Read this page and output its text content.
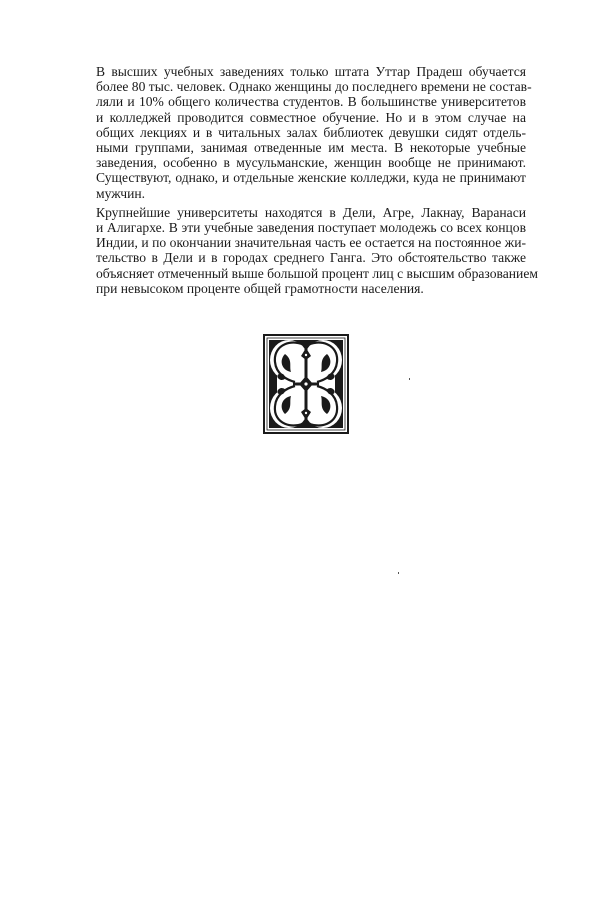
В высших учебных заведениях только штата Уттар Прадеш обучается
более 80 тыс. человек. Однако женщины до последнего времени не состав-
ляли и 10% общего количества студентов. В большинстве университетов
и колледжей проводится совместное обучение. Но и в этом случае на
общих лекциях и в читальных залах библиотек девушки сидят отдель-
ными группами, занимая отведенные им места. В некоторые учебные
заведения, особенно в мусульманские, женщин вообще не принимают.
Существуют, однако, и отдельные женские колледжи, куда не принимают
мужчин.

Крупнейшие университеты находятся в Дели, Агре, Лакнау, Варанаси
и Алигархе. В эти учебные заведения поступает молодежь со всех концов
Индии, и по окончании значительная часть ее остается на постоянное жи-
тельство в Дели и в городах среднего Ганга. Это обстоятельство также
объясняет отмеченный выше большой процент лиц с высшим образованием
при невысоком проценте общей грамотности населения.
